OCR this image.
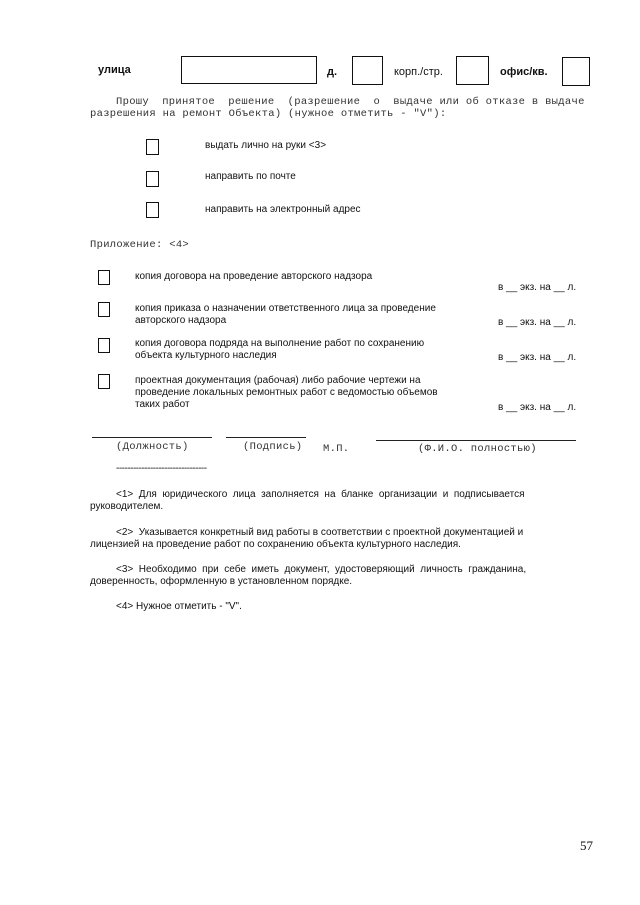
улица	д.	корп./стр.	офис/кв.
Прошу  принятое  решение  (разрешение  о  выдаче или об отказе в выдаче
разрешения на ремонт Объекта) (нужное отметить - "V"):
выдать лично на руки <3>
направить по почте
направить на электронный адрес
Приложение: <4>
копия договора на проведение авторского надзора
в __ экз. на __ л.
копия приказа о назначении ответственного лица за проведение
авторского надзора	в __ экз. на __ л.
копия договора подряда на выполнение работ по сохранению
объекта культурного наследия	в __ экз. на __ л.
проектная документация (рабочая) либо рабочие чертежи на
проведение локальных ремонтных работ с ведомостью объемов
таких работ	в __ экз. на __ л.
(Должность)	(Подпись) М.П.	(Ф.И.О. полностью)
--------------------------------
<1>  Для  юридического  лица  заполняется  на  бланке  организации  и  подписывается
руководителем.
<2>  Указывается конкретный вид работы в соответствии с проектной документацией и
лицензией на проведение работ по сохранению объекта культурного наследия.
<3>  Необходимо  при  себе  иметь  документ,  удостоверяющий  личность  гражданина,
доверенность, оформленную в установленном порядке.
<4> Нужное отметить - "V".
57
